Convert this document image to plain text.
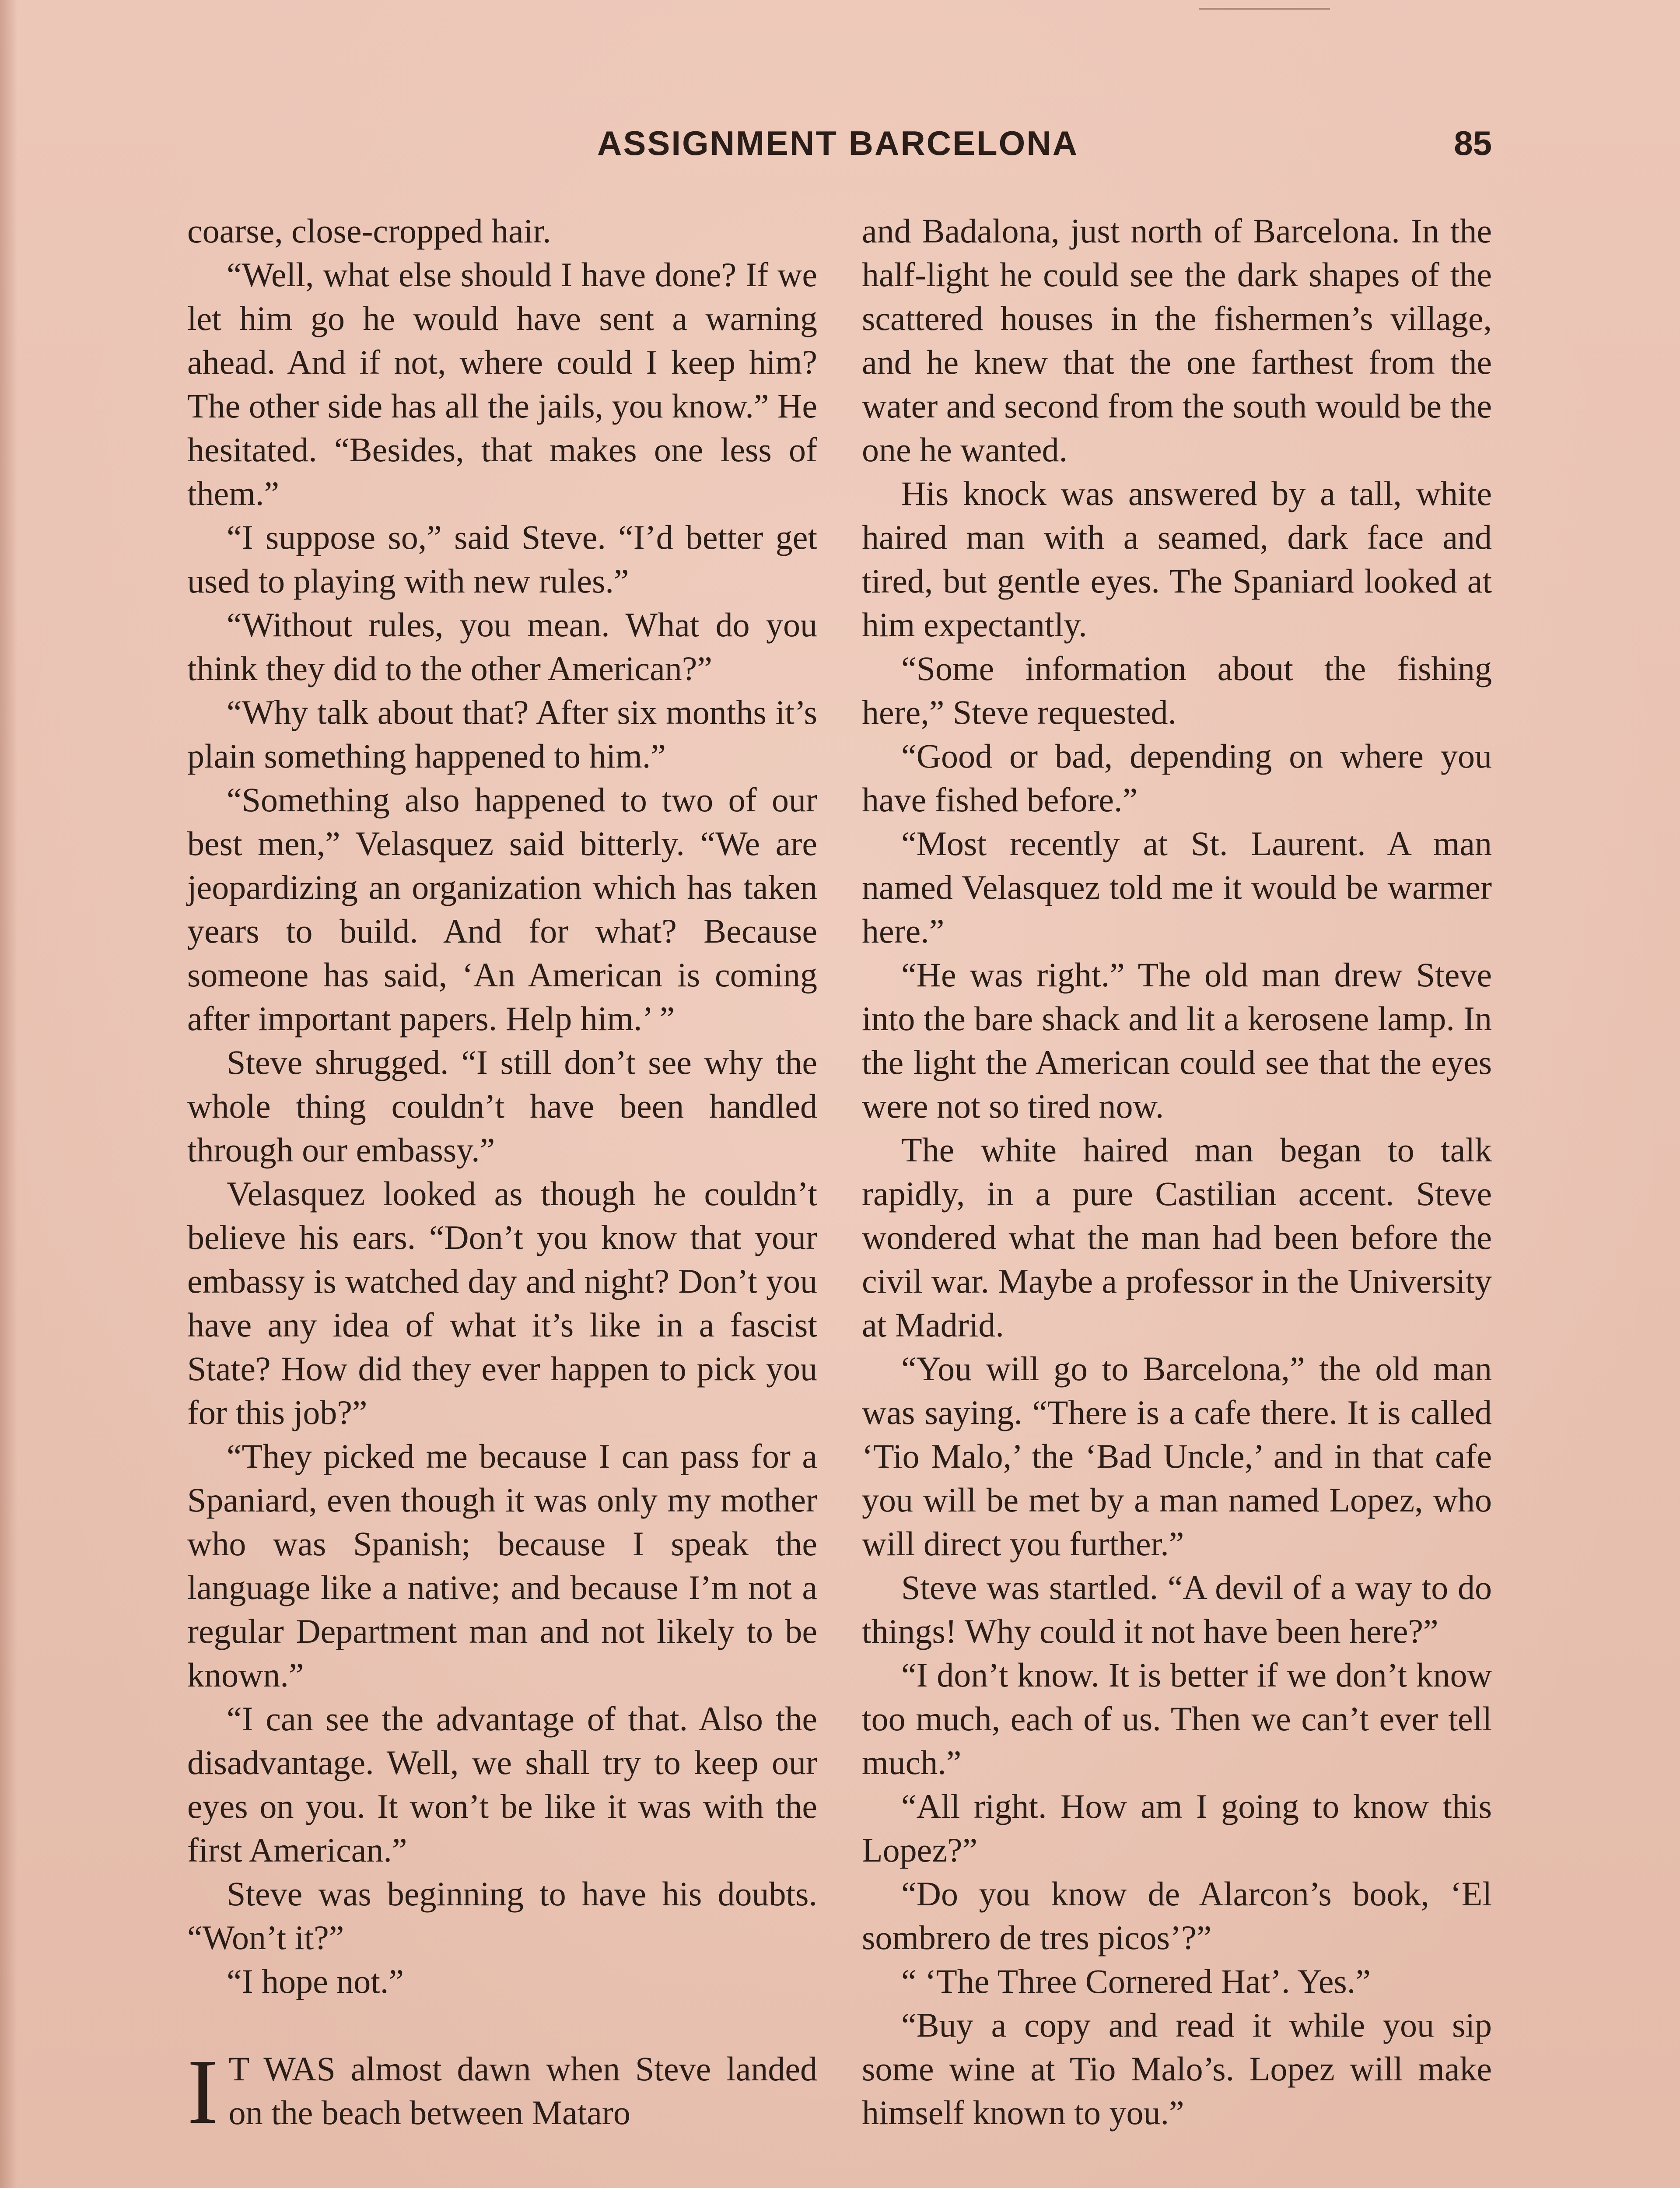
ASSIGNMENT BARCELONA	85

coarse, close-cropped hair.

“Well, what else should I have done? If we let him go he would have sent a warning ahead. And if not, where could I keep him? The other side has all the jails, you know.” He hesitated. “Besides, that makes one less of them.”

“I suppose so,” said Steve. “I’d better get used to playing with new rules.”

“Without rules, you mean. What do you think they did to the other American?”

“Why talk about that? After six months it’s plain something happened to him.”

“Something also happened to two of our best men,” Velasquez said bitterly. “We are jeopardizing an organization which has taken years to build. And for what? Because someone has said, ‘An American is coming after important papers. Help him.’ ”

Steve shrugged. “I still don’t see why the whole thing couldn’t have been handled through our embassy.”

Velasquez looked as though he couldn’t believe his ears. “Don’t you know that your embassy is watched day and night? Don’t you have any idea of what it’s like in a fascist State? How did they ever happen to pick you for this job?”

“They picked me because I can pass for a Spaniard, even though it was only my mother who was Spanish; because I speak the language like a native; and because I’m not a regular Department man and not likely to be known.”

“I can see the advantage of that. Also the disadvantage. Well, we shall try to keep our eyes on you. It won’t be like it was with the first American.”

Steve was beginning to have his doubts. “Won’t it?”

“I hope not.”

I T WAS almost dawn when Steve landed on the beach between Mataro

and Badalona, just north of Barcelona. In the half-light he could see the dark shapes of the scattered houses in the fishermen’s village, and he knew that the one farthest from the water and second from the south would be the one he wanted.

His knock was answered by a tall, white haired man with a seamed, dark face and tired, but gentle eyes. The Spaniard looked at him expectantly.

“Some information about the fishing here,” Steve requested.

“Good or bad, depending on where you have fished before.”

“Most recently at St. Laurent. A man named Velasquez told me it would be warmer here.”

“He was right.” The old man drew Steve into the bare shack and lit a kerosene lamp. In the light the American could see that the eyes were not so tired now.

The white haired man began to talk rapidly, in a pure Castilian accent. Steve wondered what the man had been before the civil war. Maybe a professor in the University at Madrid.

“You will go to Barcelona,” the old man was saying. “There is a cafe there. It is called ‘Tio Malo,’ the ‘Bad Uncle,’ and in that cafe you will be met by a man named Lopez, who will direct you further.”

Steve was startled. “A devil of a way to do things! Why could it not have been here?”

“I don’t know. It is better if we don’t know too much, each of us. Then we can’t ever tell much.”

“All right. How am I going to know this Lopez?”

“Do you know de Alarcon’s book, ‘El sombrero de tres picos’?”

“ ‘The Three Cornered Hat’. Yes.”

“Buy a copy and read it while you sip some wine at Tio Malo’s. Lopez will make himself known to you.”
